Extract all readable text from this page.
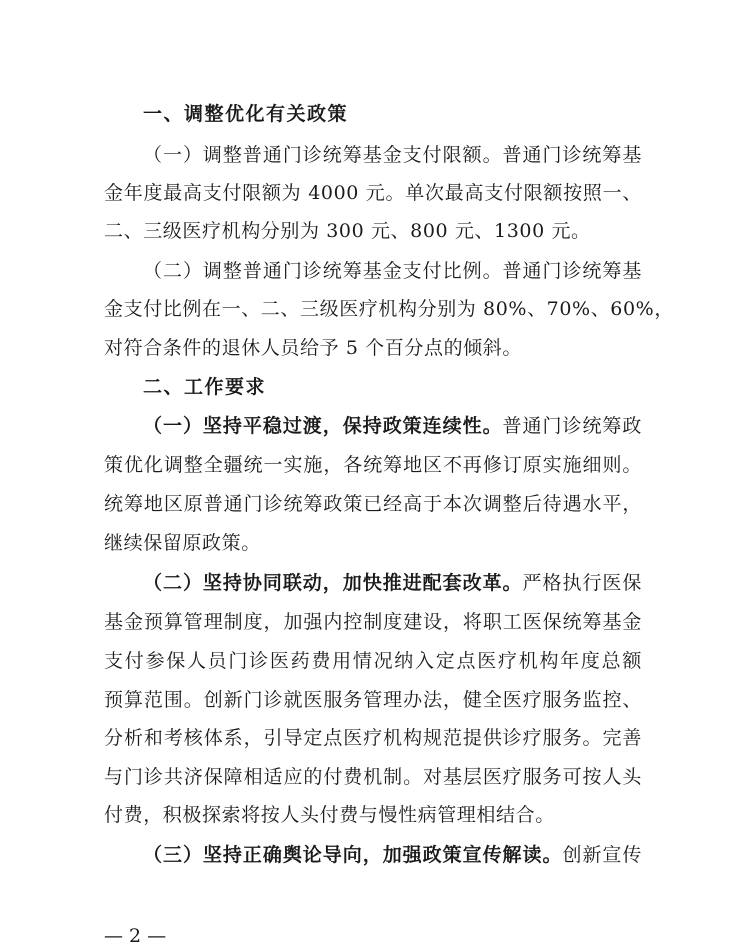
一、调整优化有关政策
（一）调整普通门诊统筹基金支付限额。普通门诊统筹基
金年度最高支付限额为 4000 元。单次最高支付限额按照一、
二、三级医疗机构分别为 300 元、800 元、1300 元。
（二）调整普通门诊统筹基金支付比例。普通门诊统筹基
金支付比例在一、二、三级医疗机构分别为 80%、70%、60%，
对符合条件的退休人员给予 5 个百分点的倾斜。
二、工作要求
（一）坚持平稳过渡，保持政策连续性。普通门诊统筹政
策优化调整全疆统一实施，各统筹地区不再修订原实施细则。
统筹地区原普通门诊统筹政策已经高于本次调整后待遇水平，
继续保留原政策。
（二）坚持协同联动，加快推进配套改革。严格执行医保
基金预算管理制度，加强内控制度建设，将职工医保统筹基金
支付参保人员门诊医药费用情况纳入定点医疗机构年度总额
预算范围。创新门诊就医服务管理办法，健全医疗服务监控、
分析和考核体系，引导定点医疗机构规范提供诊疗服务。完善
与门诊共济保障相适应的付费机制。对基层医疗服务可按人头
付费，积极探索将按人头付费与慢性病管理相结合。
（三）坚持正确舆论导向，加强政策宣传解读。创新宣传
— 2 —
